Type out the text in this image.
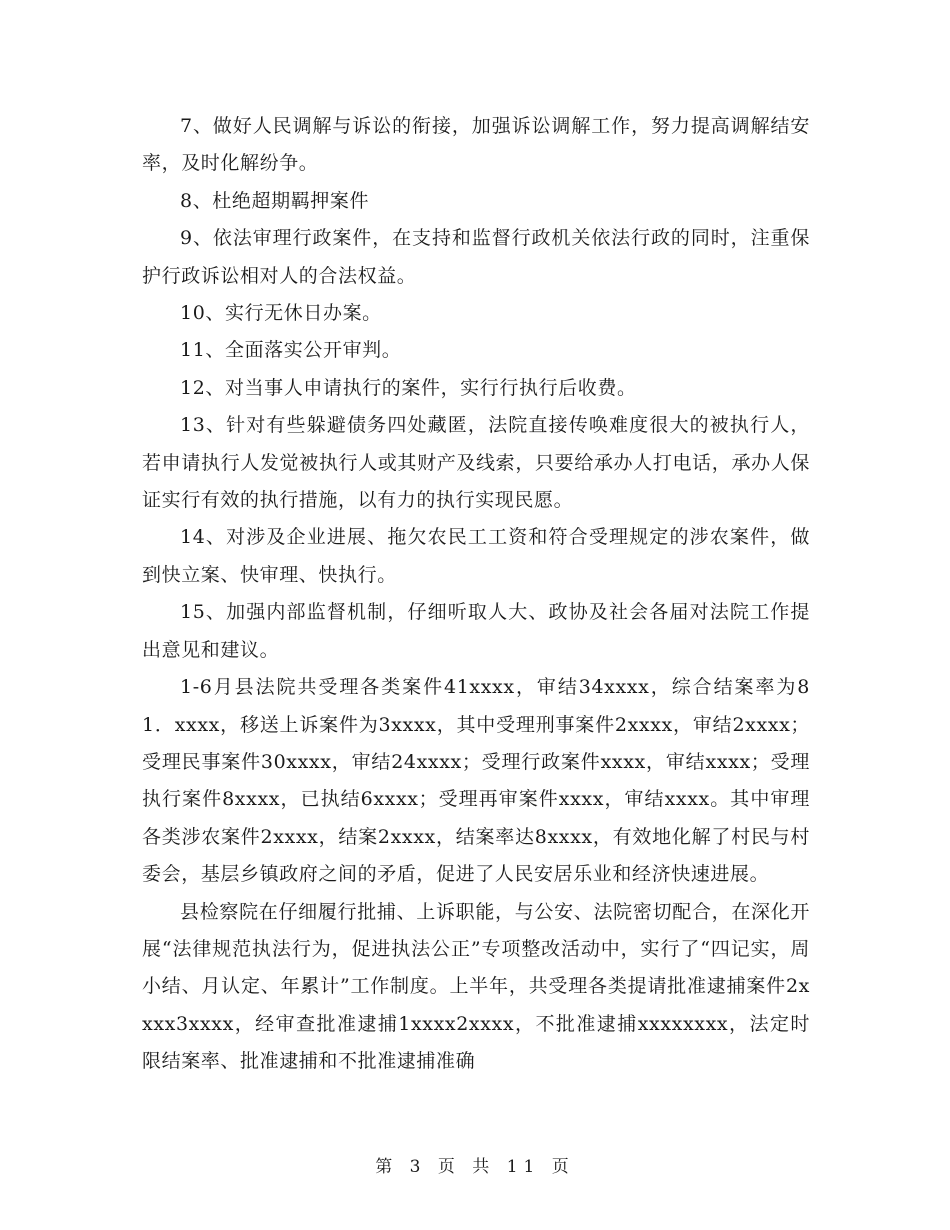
7、做好人民调解与诉讼的衔接，加强诉讼调解工作，努力提高调解结安率，及时化解纷争。

8、杜绝超期羁押案件

9、依法审理行政案件，在支持和监督行政机关依法行政的同时，注重保护行政诉讼相对人的合法权益。

10、实行无休日办案。

11、全面落实公开审判。

12、对当事人申请执行的案件，实行行执行后收费。

13、针对有些躲避债务四处藏匿，法院直接传唤难度很大的被执行人，若申请执行人发觉被执行人或其财产及线索，只要给承办人打电话，承办人保证实行有效的执行措施，以有力的执行实现民愿。

14、对涉及企业进展、拖欠农民工工资和符合受理规定的涉农案件，做到快立案、快审理、快执行。

15、加强内部监督机制，仔细听取人大、政协及社会各届对法院工作提出意见和建议。

1-6月县法院共受理各类案件41xxxx，审结34xxxx，综合结案率为81．xxxx，移送上诉案件为3xxxx，其中受理刑事案件2xxxx，审结2xxxx；受理民事案件30xxxx，审结24xxxx；受理行政案件xxxx，审结xxxx；受理执行案件8xxxx，已执结6xxxx；受理再审案件xxxx，审结xxxx。其中审理各类涉农案件2xxxx，结案2xxxx，结案率达8xxxx，有效地化解了村民与村委会，基层乡镇政府之间的矛盾，促进了人民安居乐业和经济快速进展。

县检察院在仔细履行批捕、上诉职能，与公安、法院密切配合，在深化开展“法律规范执法行为，促进执法公正”专项整改活动中，实行了“四记实，周小结、月认定、年累计”工作制度。上半年，共受理各类提请批准逮捕案件2xxxx3xxxx，经审查批准逮捕1xxxx2xxxx，不批准逮捕xxxxxxxx，法定时限结案率、批准逮捕和不批准逮捕准确

第 3 页 共 11 页
